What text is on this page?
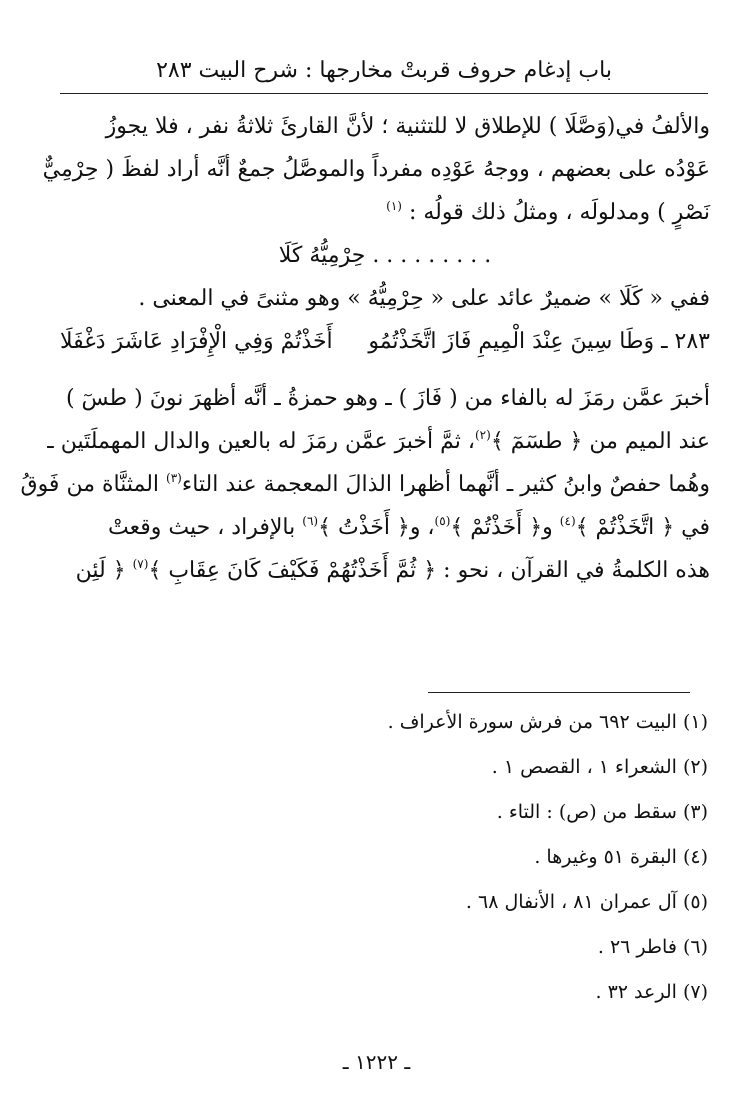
باب إدغام حروف قربتْ مخارجها : شرح البيت ٢٨٣
والألفُ في(وَصَّلَا ) للإطلاق لا للتثنية ؛ لأنَّ القارئَ ثلاثةُ نفر ، فلا يجوزُ
عَوْدُه على بعضهم ، ووجهُ عَوْدِه مفرداً والموصَّلُ جمعٌ أنَّه أراد لفظَ ( حِرْمِيٌّ
نَصْرٍ ) ومدلولَه ، ومثلُ ذلك قولُه : $^{(١)}$
. . . . . . . . . حِرْمِيُّهُ كَلَا
ففي « كَلَا » ضميرٌ عائد على « حِرْمِيُّهُ » وهو مثنىً في المعنى .
٢٨٣ ـ وَطَا سِينَ عِنْدَ الْمِيمِ فَازَ اتَّخَذْتُمُو
أَخَذْتُمْ وَفِي الْإِفْرَادِ عَاشَرَ دَغْفَلَا
أخبرَ عمَّن رمَزَ له بالفاء من ( فَازَ ) ـ وهو حمزةُ ـ أنَّه أظهرَ نونَ ( طسٓ )
عند الميم من ﴿ طسٓمٓ ﴾$^{(٢)}$، ثمَّ أخبرَ عمَّن رمَزَ له بالعين والدال المهملَتَين ـ
وهُما حفصٌ وابنُ كثير ـ أنَّهما أظهرا الذالَ المعجمة عند التاء$^{(٣)}$ المثنَّاة من فَوقُ
في ﴿ اتَّخَذْتُمْ ﴾$^{(٤)}$ و﴿ أَخَذْتُمْ ﴾$^{(٥)}$، و﴿ أَخَذْتُ ﴾$^{(٦)}$ بالإفراد ، حيث وقعتْ
هذه الكلمةُ في القرآن ، نحو : ﴿ ثُمَّ أَخَذْتُهُمْ فَكَيْفَ كَانَ عِقَابِ ﴾$^{(٧)}$ ﴿ لَئِن
(١) البيت ٦٩٢ من فرش سورة الأعراف .
(٢) الشعراء ١ ، القصص ١ .
(٣) سقط من (ص) : التاء .
(٤) البقرة ٥١ وغيرها .
(٥) آل عمران ٨١ ، الأنفال ٦٨ .
(٦) فاطر ٢٦ .
(٧) الرعد ٣٢ .
ـ ١٢٢٢ ـ
